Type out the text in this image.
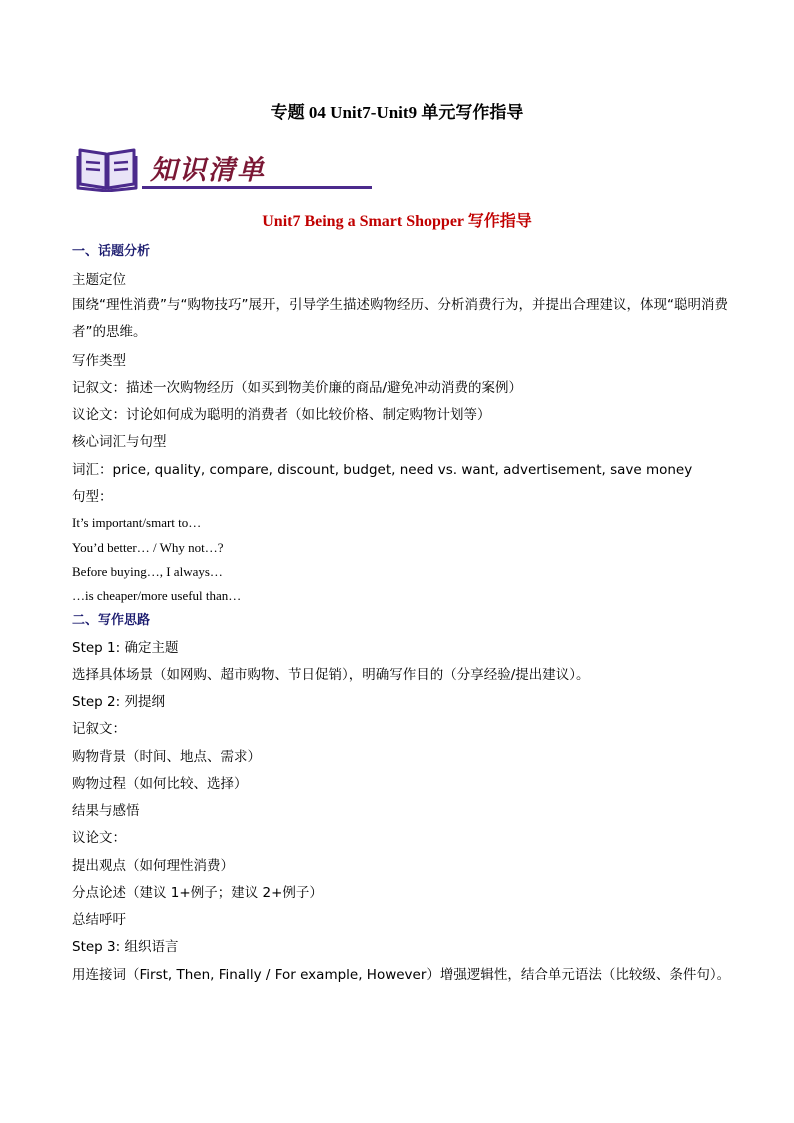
专题 04 Unit7-Unit9 单元写作指导
知识清单
Unit7 Being a Smart Shopper 写作指导
一、话题分析
主题定位
围绕“理性消费”与“购物技巧”展开，引导学生描述购物经历、分析消费行为，并提出合理建议，体现“聪明消费者”的思维。
写作类型
记叙文：描述一次购物经历（如买到物美价廉的商品/避免冲动消费的案例）
议论文：讨论如何成为聪明的消费者（如比较价格、制定购物计划等）
核心词汇与句型
词汇：price, quality, compare, discount, budget, need vs. want, advertisement, save money
句型：
It’s important/smart to…
You’d better… / Why not…?
Before buying…, I always…
…is cheaper/more useful than…
二、写作思路
Step 1: 确定主题
选择具体场景（如网购、超市购物、节日促销），明确写作目的（分享经验/提出建议）。
Step 2: 列提纲
记叙文：
购物背景（时间、地点、需求）
购物过程（如何比较、选择）
结果与感悟
议论文：
提出观点（如何理性消费）
分点论述（建议 1+例子；建议 2+例子）
总结呼吁
Step 3: 组织语言
用连接词（First, Then, Finally / For example, However）增强逻辑性，结合单元语法（比较级、条件句）。
